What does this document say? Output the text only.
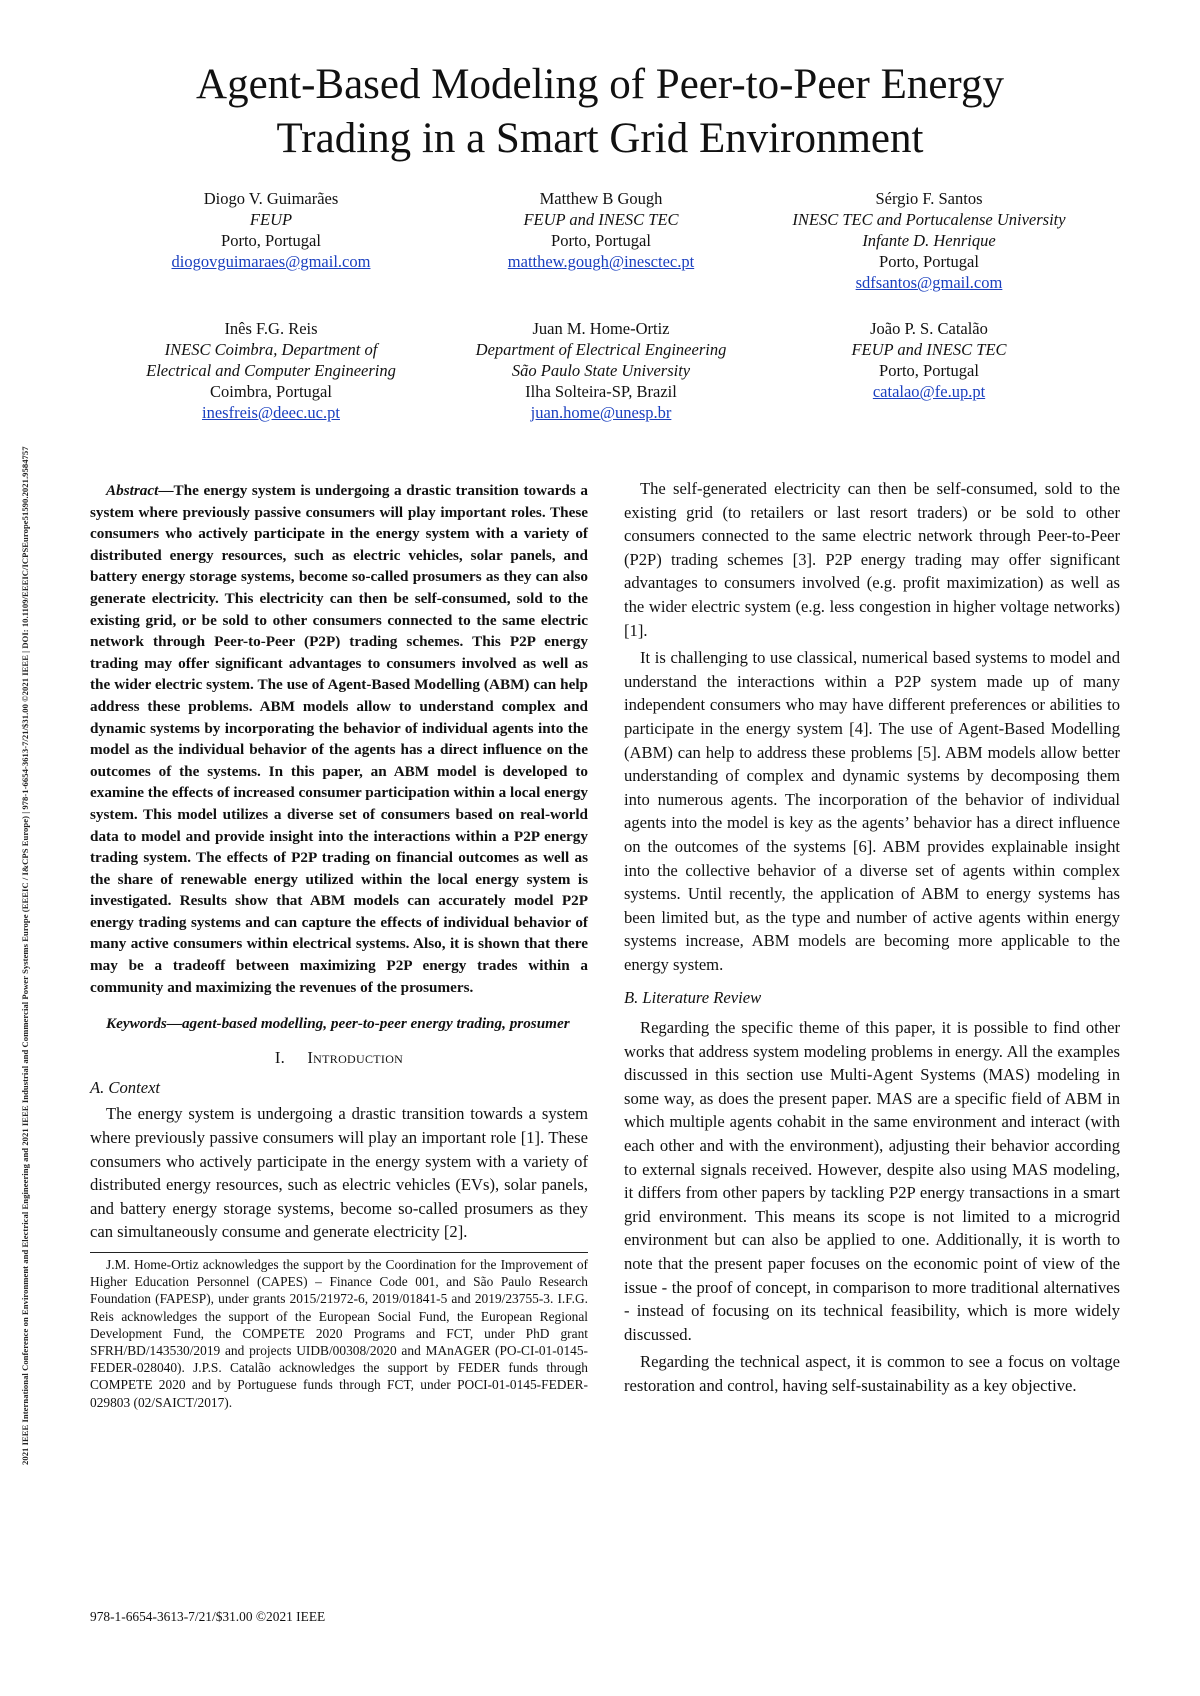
2021 IEEE International Conference on Environment and Electrical Engineering and 2021 IEEE Industrial and Commercial Power Systems Europe (EEEIC / I&CPS Europe) | 978-1-6654-3613-7/21/$31.00 ©2021 IEEE | DOI: 10.1109/EEEIC/ICPSEurope51590.2021.9584757
Agent-Based Modeling of Peer-to-Peer Energy
Trading in a Smart Grid Environment
Diogo V. Guimarães
FEUP
Porto, Portugal
diogovguimaraes@gmail.com
Matthew B Gough
FEUP and INESC TEC
Porto, Portugal
matthew.gough@inesctec.pt
Sérgio F. Santos
INESC TEC and Portucalense University
Infante D. Henrique
Porto, Portugal
sdfsantos@gmail.com
Inês F.G. Reis
INESC Coimbra, Department of
Electrical and Computer Engineering
Coimbra, Portugal
inesfreis@deec.uc.pt
Juan M. Home-Ortiz
Department of Electrical Engineering
São Paulo State University
Ilha Solteira-SP, Brazil
juan.home@unesp.br
João P. S. Catalão
FEUP and INESC TEC
Porto, Portugal
catalao@fe.up.pt

Abstract—The energy system is undergoing a drastic transition towards a system where previously passive consumers will play important roles. These consumers who actively participate in the energy system with a variety of distributed energy resources, such as electric vehicles, solar panels, and battery energy storage systems, become so-called prosumers as they can also generate electricity. This electricity can then be self-consumed, sold to the existing grid, or be sold to other consumers connected to the same electric network through Peer-to-Peer (P2P) trading schemes. This P2P energy trading may offer significant advantages to consumers involved as well as the wider electric system. The use of Agent-Based Modelling (ABM) can help address these problems. ABM models allow to understand complex and dynamic systems by incorporating the behavior of individual agents into the model as the individual behavior of the agents has a direct influence on the outcomes of the systems. In this paper, an ABM model is developed to examine the effects of increased consumer participation within a local energy system. This model utilizes a diverse set of consumers based on real-world data to model and provide insight into the interactions within a P2P energy trading system. The effects of P2P trading on financial outcomes as well as the share of renewable energy utilized within the local energy system is investigated. Results show that ABM models can accurately model P2P energy trading systems and can capture the effects of individual behavior of many active consumers within electrical systems. Also, it is shown that there may be a tradeoff between maximizing P2P energy trades within a community and maximizing the revenues of the prosumers.

Keywords—agent-based modelling, peer-to-peer energy trading, prosumer

I. Introduction

A. Context

The energy system is undergoing a drastic transition towards a system where previously passive consumers will play an important role [1]. These consumers who actively participate in the energy system with a variety of distributed energy resources, such as electric vehicles (EVs), solar panels, and battery energy storage systems, become so-called prosumers as they can simultaneously consume and generate electricity [2].

J.M. Home-Ortiz acknowledges the support by the Coordination for the Improvement of Higher Education Personnel (CAPES) – Finance Code 001, and São Paulo Research Foundation (FAPESP), under grants 2015/21972-6, 2019/01841-5 and 2019/23755-3. I.F.G. Reis acknowledges the support of the European Social Fund, the European Regional Development Fund, the COMPETE 2020 Programs and FCT, under PhD grant SFRH/BD/143530/2019 and projects UIDB/00308/2020 and MAnAGER (PO-CI-01-0145-FEDER-028040). J.P.S. Catalão acknowledges the support by FEDER funds through COMPETE 2020 and by Portuguese funds through FCT, under POCI-01-0145-FEDER-029803 (02/SAICT/2017).

978-1-6654-3613-7/21/$31.00 ©2021 IEEE

The self-generated electricity can then be self-consumed, sold to the existing grid (to retailers or last resort traders) or be sold to other consumers connected to the same electric network through Peer-to-Peer (P2P) trading schemes [3]. P2P energy trading may offer significant advantages to consumers involved (e.g. profit maximization) as well as the wider electric system (e.g. less congestion in higher voltage networks) [1].

It is challenging to use classical, numerical based systems to model and understand the interactions within a P2P system made up of many independent consumers who may have different preferences or abilities to participate in the energy system [4]. The use of Agent-Based Modelling (ABM) can help to address these problems [5]. ABM models allow better understanding of complex and dynamic systems by decomposing them into numerous agents. The incorporation of the behavior of individual agents into the model is key as the agents’ behavior has a direct influence on the outcomes of the systems [6]. ABM provides explainable insight into the collective behavior of a diverse set of agents within complex systems. Until recently, the application of ABM to energy systems has been limited but, as the type and number of active agents within energy systems increase, ABM models are becoming more applicable to the energy system.

B. Literature Review

Regarding the specific theme of this paper, it is possible to find other works that address system modeling problems in energy. All the examples discussed in this section use Multi-Agent Systems (MAS) modeling in some way, as does the present paper. MAS are a specific field of ABM in which multiple agents cohabit in the same environment and interact (with each other and with the environment), adjusting their behavior according to external signals received. However, despite also using MAS modeling, it differs from other papers by tackling P2P energy transactions in a smart grid environment. This means its scope is not limited to a microgrid environment but can also be applied to one. Additionally, it is worth to note that the present paper focuses on the economic point of view of the issue - the proof of concept, in comparison to more traditional alternatives - instead of focusing on its technical feasibility, which is more widely discussed.

Regarding the technical aspect, it is common to see a focus on voltage restoration and control, having self-sustainability as a key objective.
